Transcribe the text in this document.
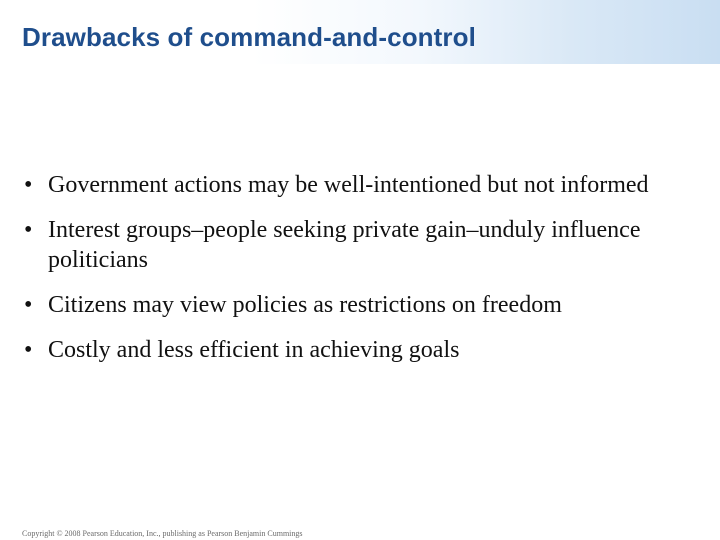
Drawbacks of command-and-control
• Government actions may be well-intentioned but not informed
• Interest groups–people seeking private gain–unduly influence politicians
• Citizens may view policies as restrictions on freedom
• Costly and less efficient in achieving goals

Copyright © 2008 Pearson Education, Inc., publishing as Pearson Benjamin Cummings
